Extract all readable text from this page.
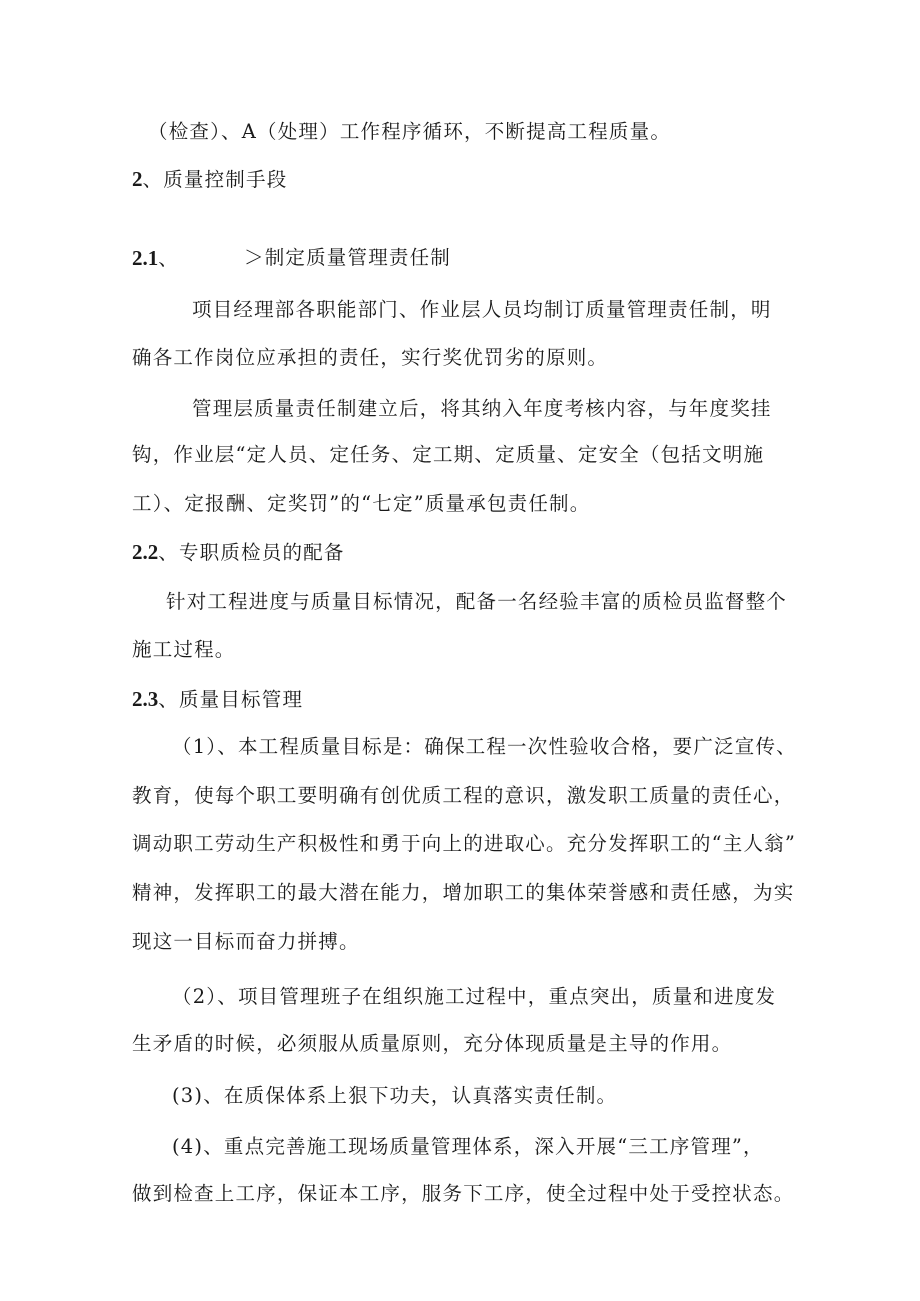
（检查）、A（处理）工作程序循环，不断提高工程质量。
2、质量控制手段
2.1、	＞制定质量管理责任制
项目经理部各职能部门、作业层人员均制订质量管理责任制，明
确各工作岗位应承担的责任，实行奖优罚劣的原则。
管理层质量责任制建立后，将其纳入年度考核内容，与年度奖挂
钩，作业层“定人员、定任务、定工期、定质量、定安全（包括文明施
工）、定报酬、定奖罚”的“七定”质量承包责任制。
2.2、专职质检员的配备
针对工程进度与质量目标情况，配备一名经验丰富的质检员监督整个
施工过程。
2.3、质量目标管理
（1）、本工程质量目标是：确保工程一次性验收合格，要广泛宣传、
教育，使每个职工要明确有创优质工程的意识，激发职工质量的责任心，
调动职工劳动生产积极性和勇于向上的进取心。充分发挥职工的“主人翁”
精神，发挥职工的最大潜在能力，增加职工的集体荣誉感和责任感，为实
现这一目标而奋力拼搏。
（2）、项目管理班子在组织施工过程中，重点突出，质量和进度发
生矛盾的时候，必须服从质量原则，充分体现质量是主导的作用。
(3)、在质保体系上狠下功夫，认真落实责任制。
(4)、重点完善施工现场质量管理体系，深入开展“三工序管理”，
做到检查上工序，保证本工序，服务下工序，使全过程中处于受控状态。
